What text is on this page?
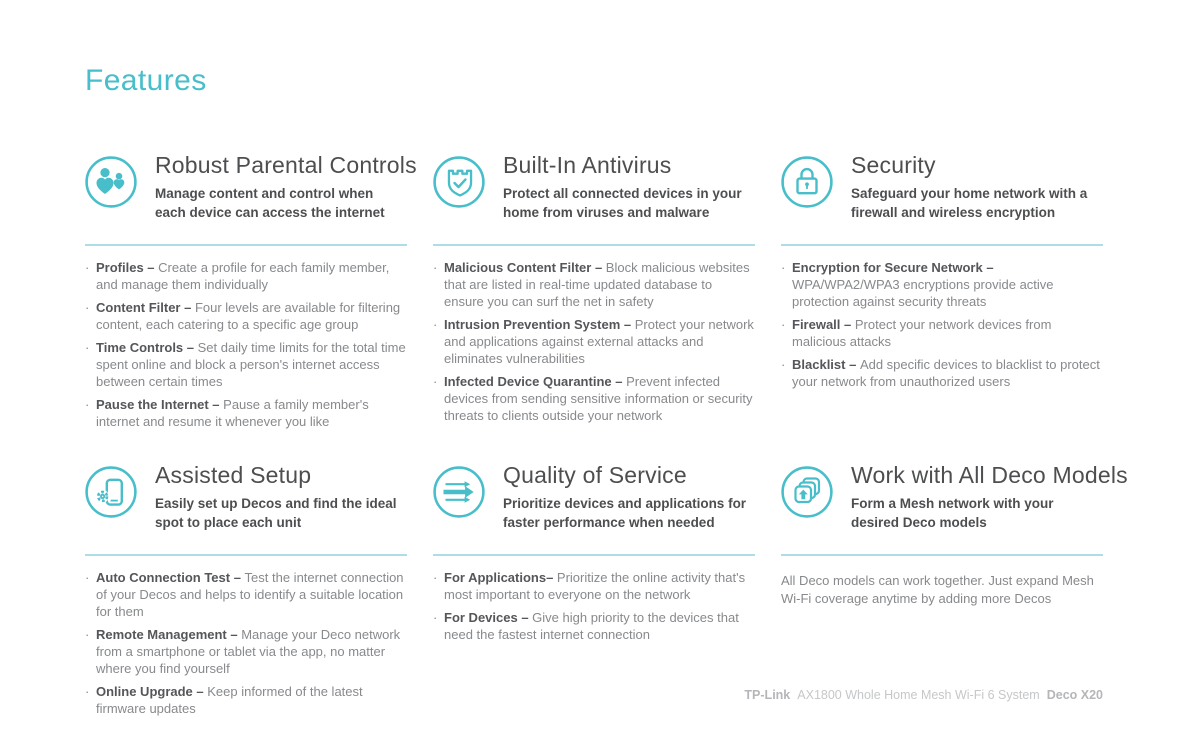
Features
Robust Parental Controls

Manage content and control when each device can access the internet

· Profiles – Create a profile for each family member, and manage them individually
· Content Filter – Four levels are available for filtering content, each catering to a specific age group
· Time Controls – Set daily time limits for the total time spent online and block a person's internet access between certain times
· Pause the Internet – Pause a family member's internet and resume it whenever you like
Built-In Antivirus

Protect all connected devices in your home from viruses and malware

· Malicious Content Filter – Block malicious websites that are listed in real-time updated database to ensure you can surf the net in safety
· Intrusion Prevention System – Protect your network and applications against external attacks and eliminates vulnerabilities
· Infected Device Quarantine – Prevent infected devices from sending sensitive information or security threats to clients outside your network
Security

Safeguard your home network with a firewall and wireless encryption

· Encryption for Secure Network – WPA/WPA2/WPA3 encryptions provide active protection against security threats
· Firewall – Protect your network devices from malicious attacks
· Blacklist – Add specific devices to blacklist to protect your network from unauthorized users
Assisted Setup

Easily set up Decos and find the ideal spot to place each unit

· Auto Connection Test – Test the internet connection of your Decos and helps to identify a suitable location for them
· Remote Management – Manage your Deco network from a smartphone or tablet via the app, no matter where you find yourself
· Online Upgrade – Keep informed of the latest firmware updates
Quality of Service

Prioritize devices and applications for faster performance when needed

· For Applications– Prioritize the online activity that's most important to everyone on the network
· For Devices – Give high priority to the devices that need the fastest internet connection
Work with All Deco Models

Form a Mesh network with your desired Deco models

All Deco models can work together. Just expand Mesh Wi-Fi coverage anytime by adding more Decos

TP-Link AX1800 Whole Home Mesh Wi-Fi 6 System Deco X20
